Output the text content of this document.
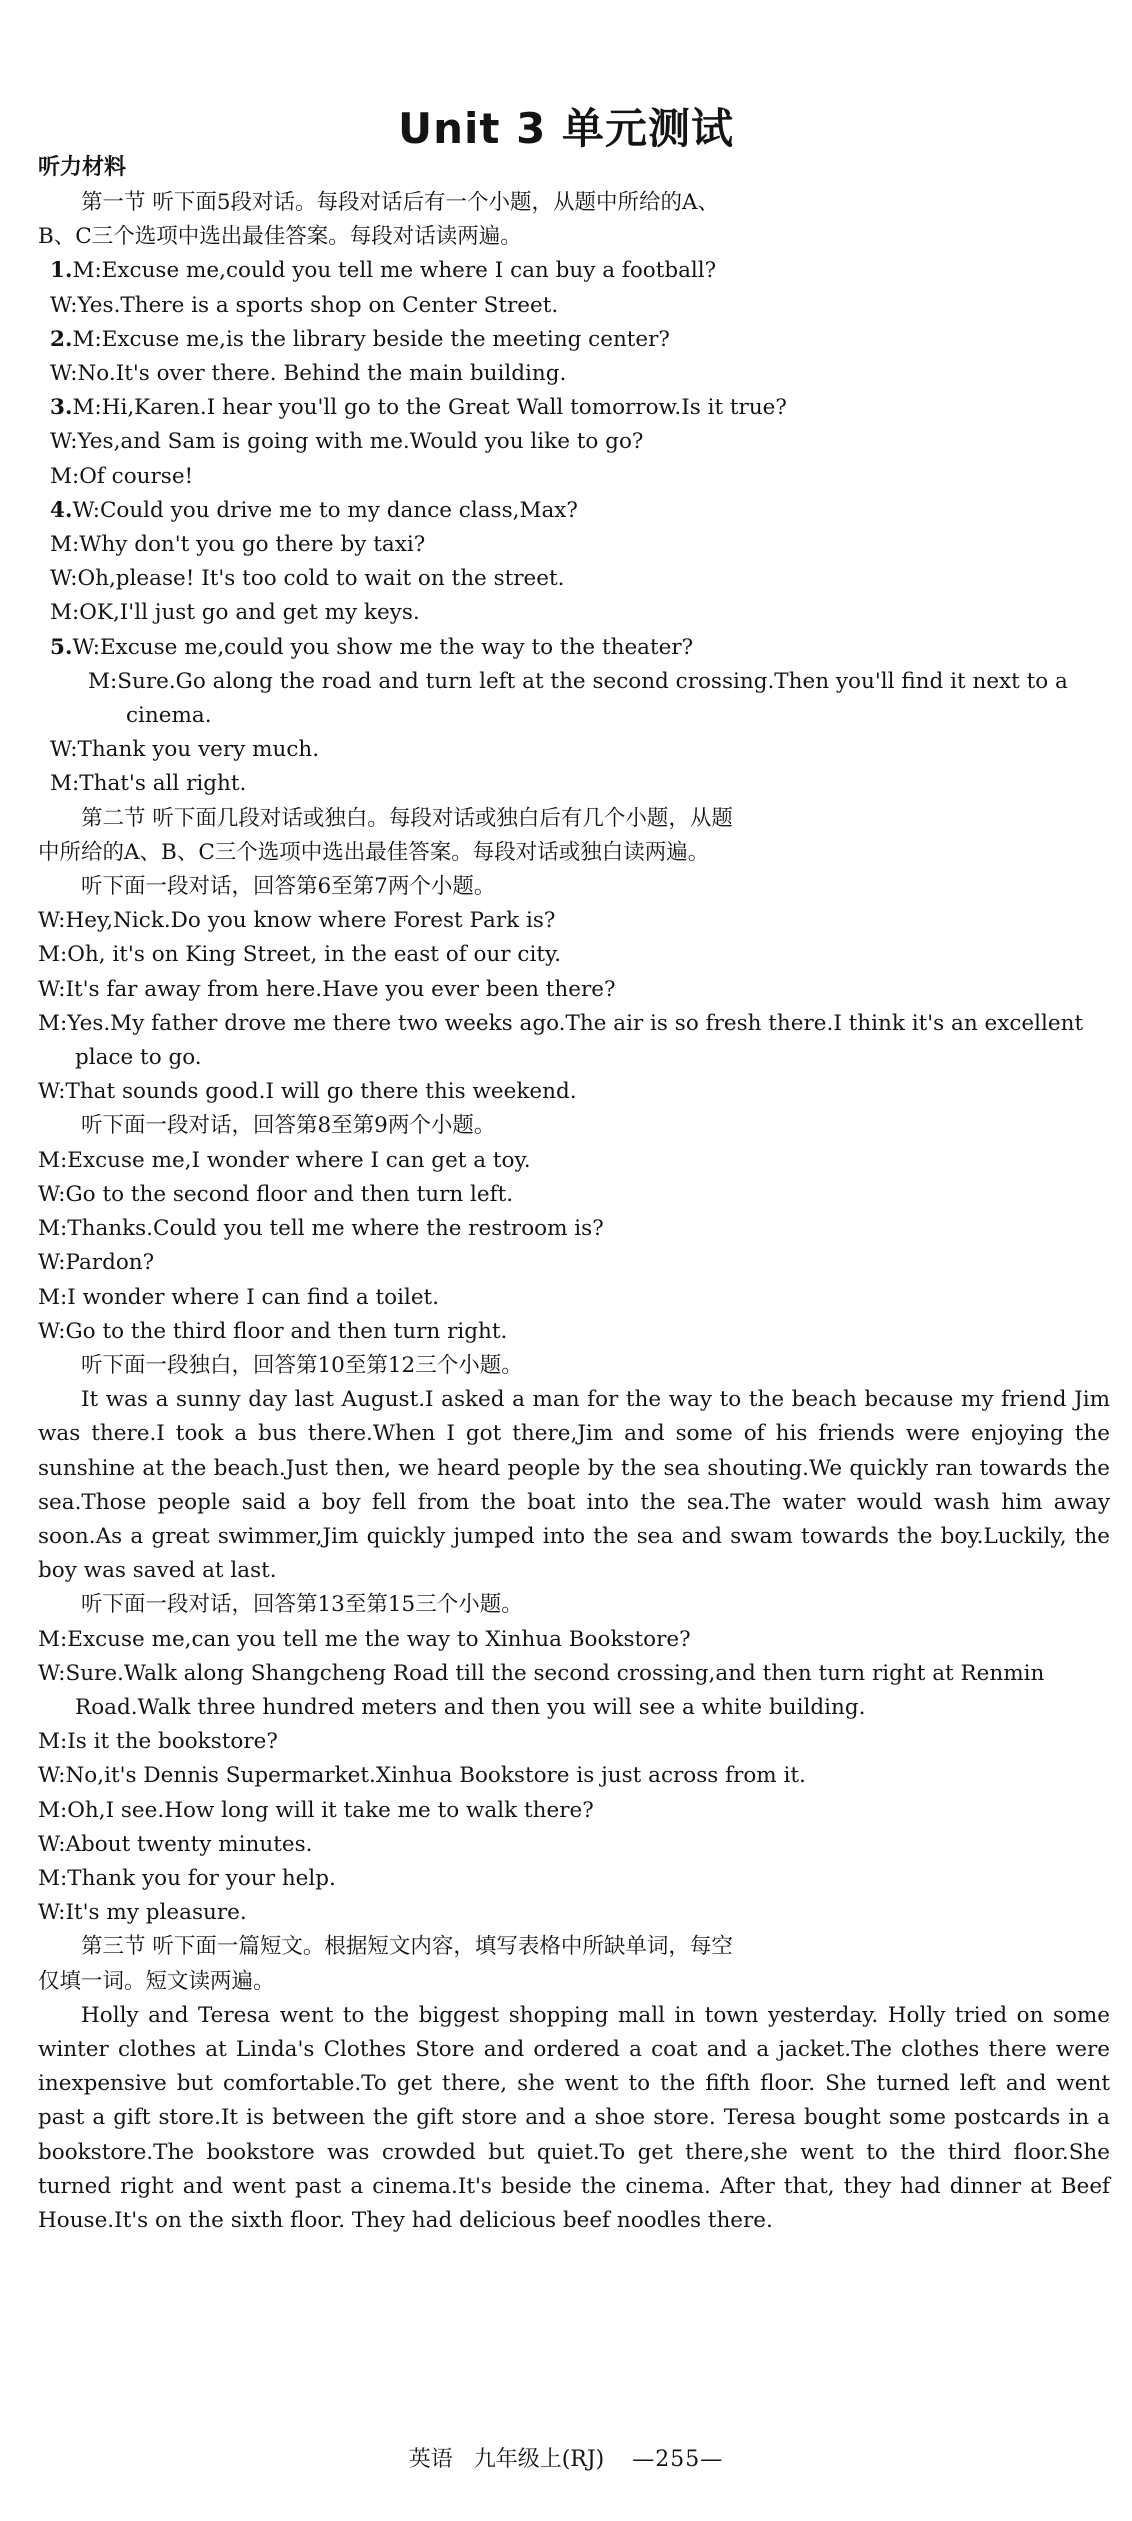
Unit 3 单元测试
听力材料

第一节 听下面5段对话。每段对话后有一个小题，从题中所给的A、

B、C三个选项中选出最佳答案。每段对话读两遍。

1.M:Excuse me,could you tell me where I can buy a football?

W:Yes.There is a sports shop on Center Street.

2.M:Excuse me,is the library beside the meeting center?

W:No.It's over there. Behind the main building.

3.M:Hi,Karen.I hear you'll go to the Great Wall tomorrow.Is it true?

W:Yes,and Sam is going with me.Would you like to go?

M:Of course!

4.W:Could you drive me to my dance class,Max?

M:Why don't you go there by taxi?

W:Oh,please! It's too cold to wait on the street.

M:OK,I'll just go and get my keys.

5.W:Excuse me,could you show me the way to the theater?

M:Sure.Go along the road and turn left at the second crossing.Then you'll find it next to a cinema.

W:Thank you very much.

M:That's all right.

第二节 听下面几段对话或独白。每段对话或独白后有几个小题，从题

中所给的A、B、C三个选项中选出最佳答案。每段对话或独白读两遍。

听下面一段对话，回答第6至第7两个小题。

W:Hey,Nick.Do you know where Forest Park is?

M:Oh, it's on King Street, in the east of our city.

W:It's far away from here.Have you ever been there?

M:Yes.My father drove me there two weeks ago.The air is so fresh there.I think it's an excellent place to go.

W:That sounds good.I will go there this weekend.

听下面一段对话，回答第8至第9两个小题。

M:Excuse me,I wonder where I can get a toy.

W:Go to the second floor and then turn left.

M:Thanks.Could you tell me where the restroom is?

W:Pardon?

M:I wonder where I can find a toilet.

W:Go to the third floor and then turn right.

听下面一段独白，回答第10至第12三个小题。

It was a sunny day last August.I asked a man for the way to the beach because my friend Jim was there.I took a bus there.When I got there,Jim and some of his friends were enjoying the sunshine at the beach.Just then, we heard people by the sea shouting.We quickly ran towards the sea.Those people said a boy fell from the boat into the sea.The water would wash him away soon.As a great swimmer,Jim quickly jumped into the sea and swam towards the boy.Luckily, the boy was saved at last.

听下面一段对话，回答第13至第15三个小题。

M:Excuse me,can you tell me the way to Xinhua Bookstore?

W:Sure.Walk along Shangcheng Road till the second crossing,and then turn right at Renmin Road.Walk three hundred meters and then you will see a white building.

M:Is it the bookstore?

W:No,it's Dennis Supermarket.Xinhua Bookstore is just across from it.

M:Oh,I see.How long will it take me to walk there?

W:About twenty minutes.

M:Thank you for your help.

W:It's my pleasure.

第三节 听下面一篇短文。根据短文内容，填写表格中所缺单词，每空

仅填一词。短文读两遍。

Holly and Teresa went to the biggest shopping mall in town yesterday. Holly tried on some winter clothes at Linda's Clothes Store and ordered a coat and a jacket.The clothes there were inexpensive but comfortable.To get there, she went to the fifth floor. She turned left and went past a gift store.It is between the gift store and a shoe store. Teresa bought some postcards in a bookstore.The bookstore was crowded but quiet.To get there,she went to the third floor.She turned right and went past a cinema.It's beside the cinema. After that, they had dinner at Beef House.It's on the sixth floor. They had delicious beef noodles there.

英语 九年级上(RJ) —255—
